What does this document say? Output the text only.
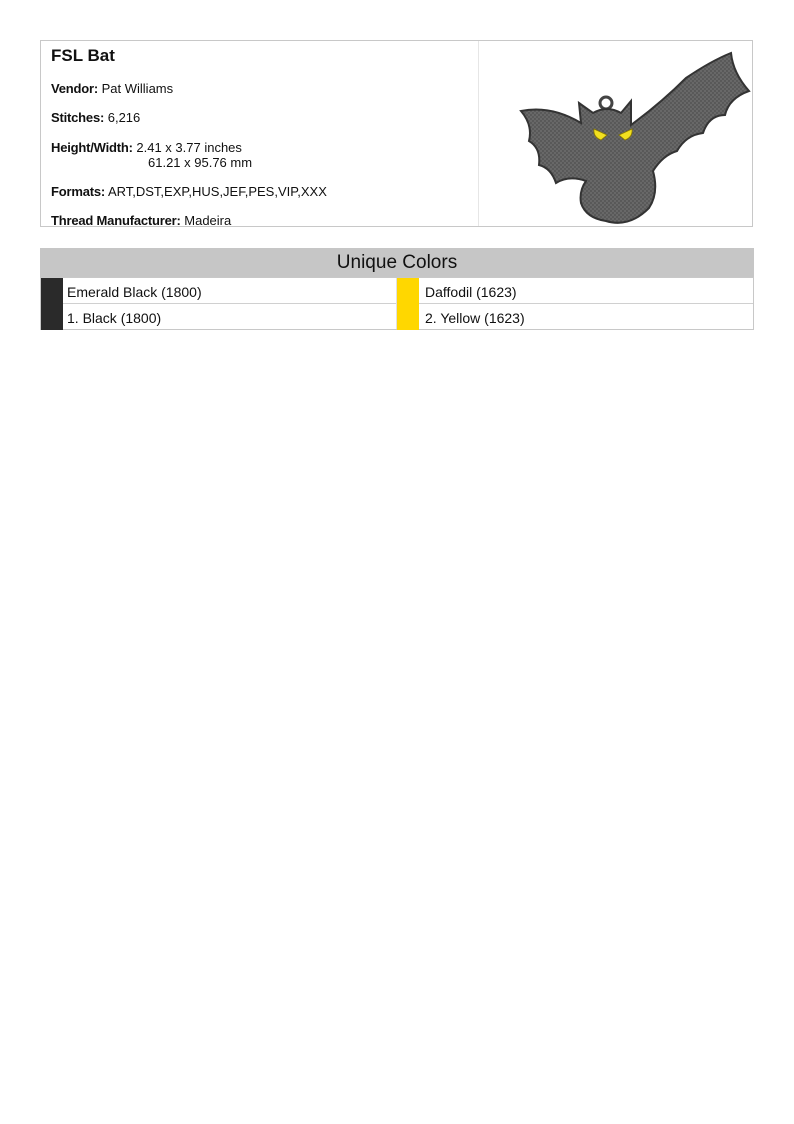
FSL Bat
Vendor: Pat Williams
Stitches: 6,216
Height/Width: 2.41 x 3.77 inches
61.21 x 95.76 mm
Formats: ART,DST,EXP,HUS,JEF,PES,VIP,XXX
Thread Manufacturer: Madeira
Unique Colors
Emerald Black (1800)
1. Black (1800)
Daffodil (1623)
2. Yellow (1623)
